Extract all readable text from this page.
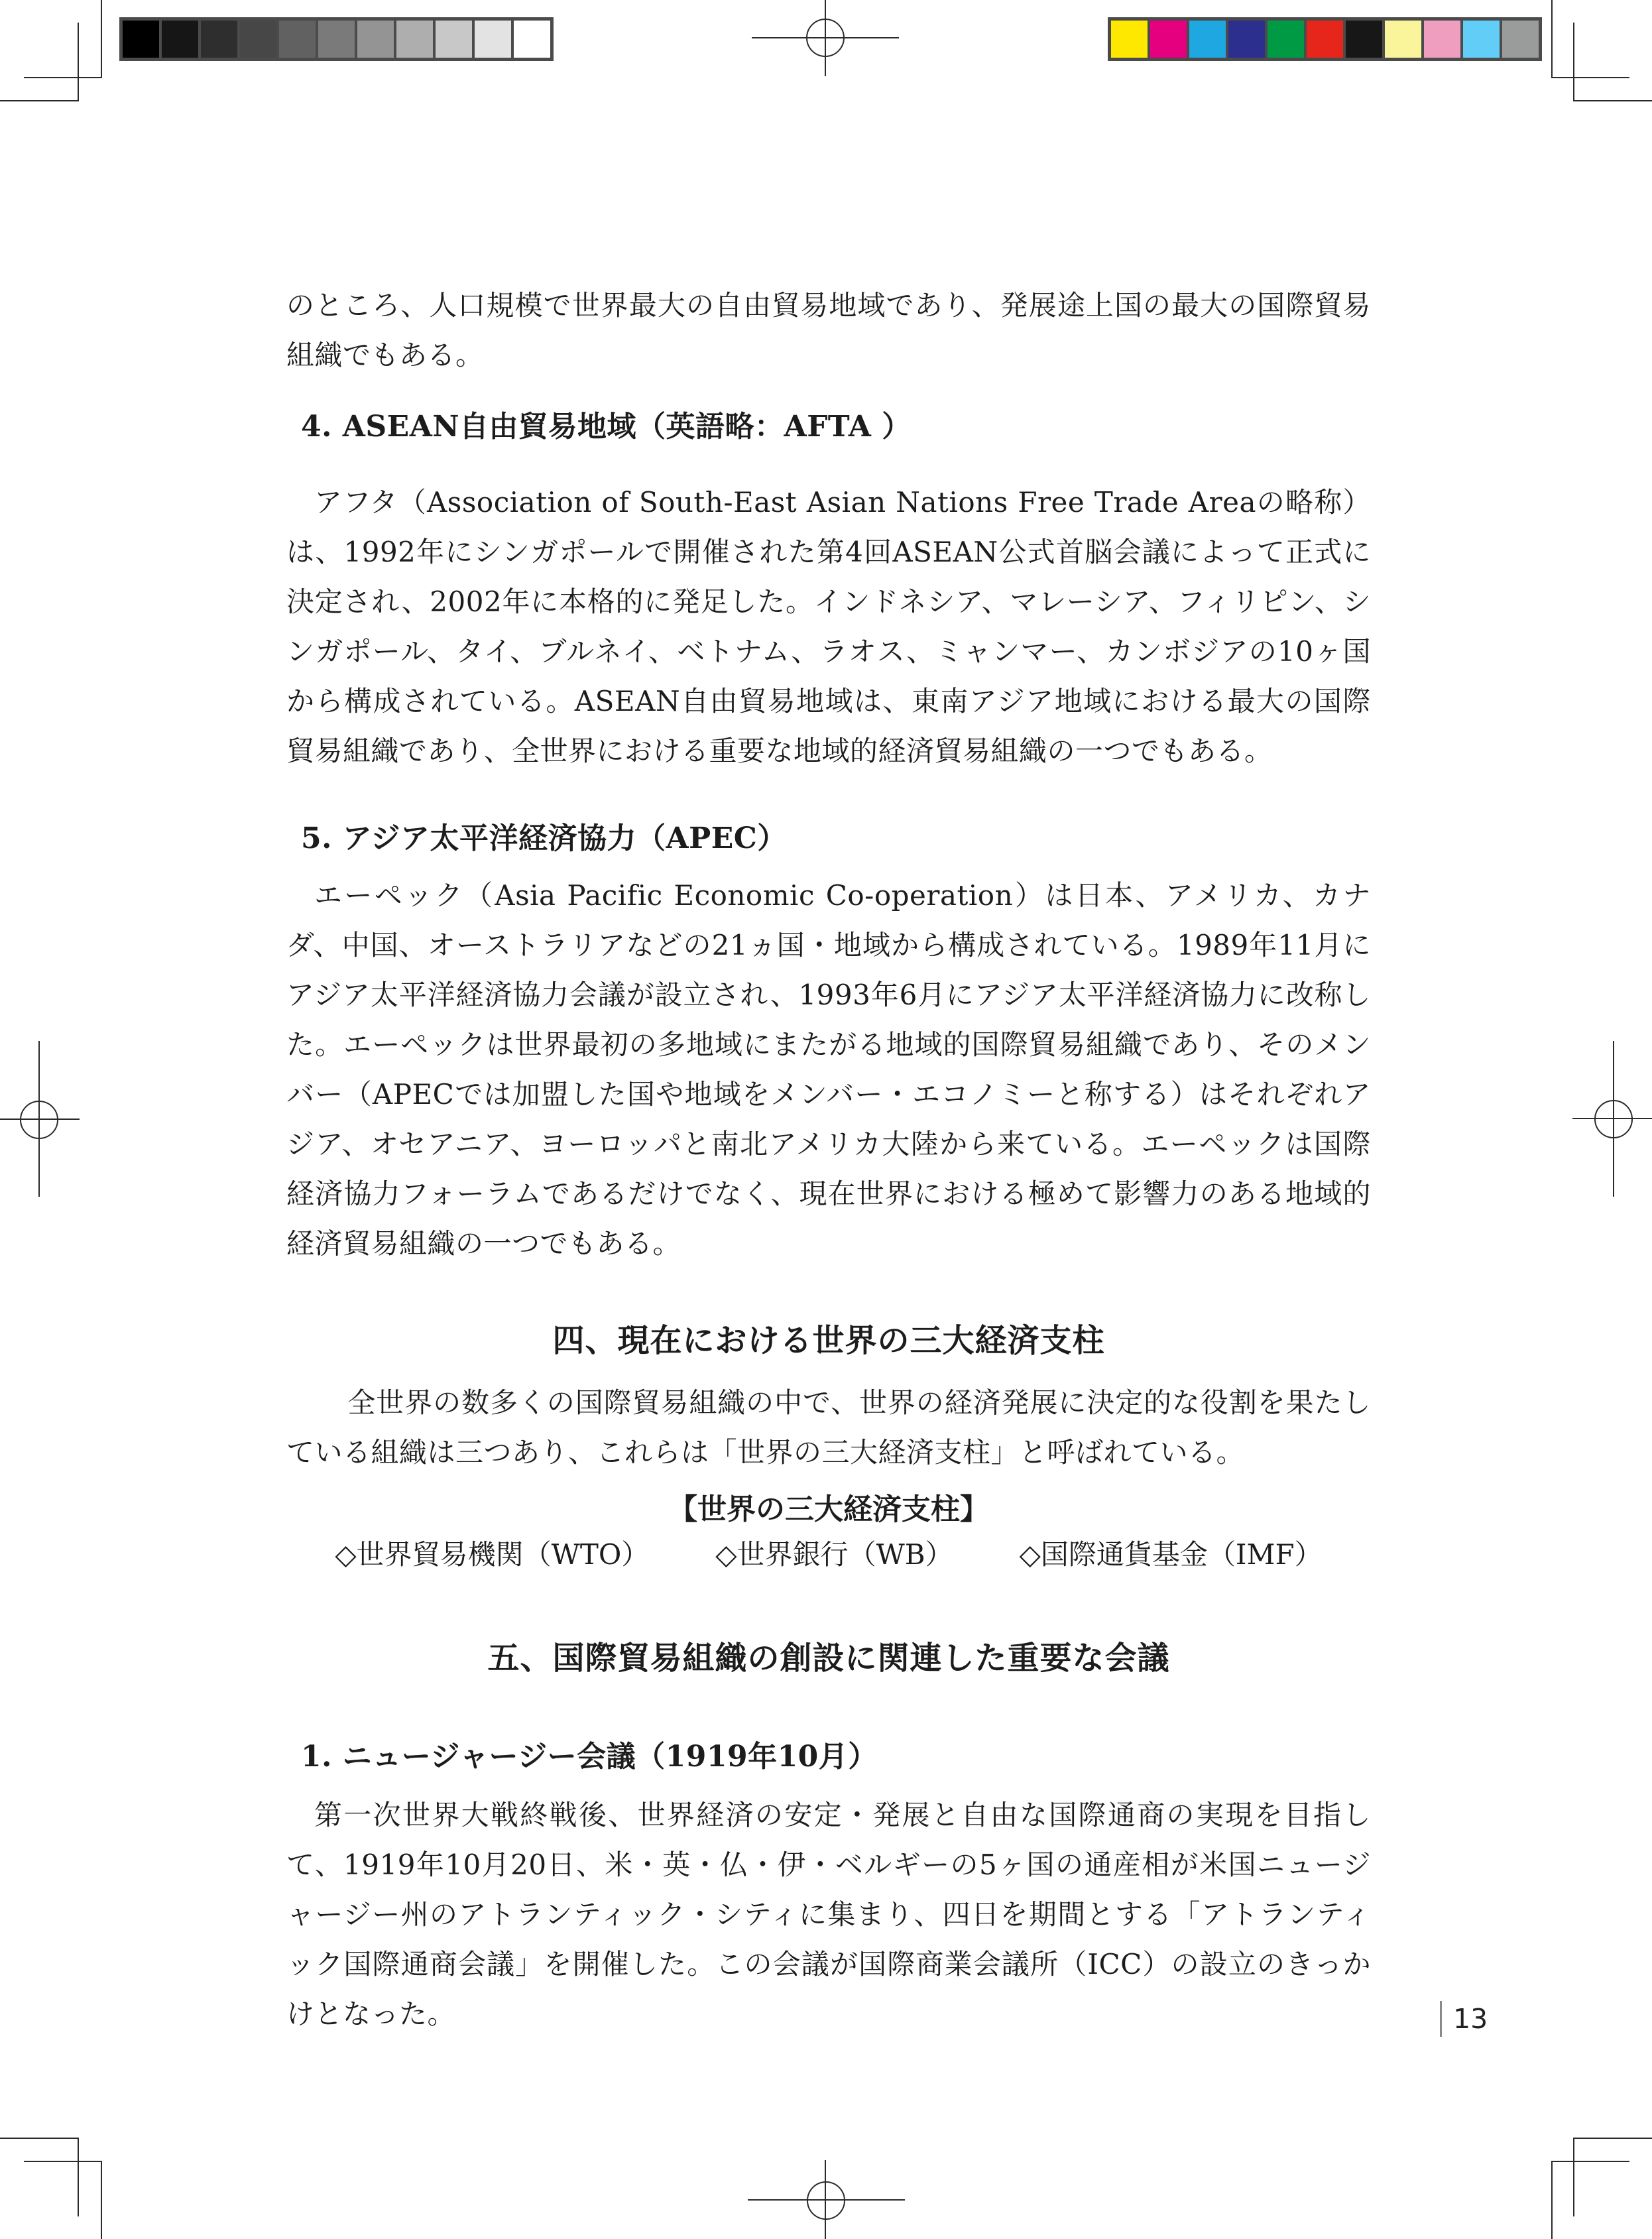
のところ、人口規模で世界最大の自由貿易地域であり、発展途上国の最大の国際貿易組織でもある。

4. ASEAN自由貿易地域（英語略：AFTA ）

アフタ（Association of South-East Asian Nations Free Trade Areaの略称）は、1992年にシンガポールで開催された第4回ASEAN公式首脳会議によって正式に決定され、2002年に本格的に発足した。インドネシア、マレーシア、フィリピン、シンガポール、タイ、ブルネイ、ベトナム、ラオス、ミャンマー、カンボジアの10ヶ国から構成されている。ASEAN自由貿易地域は、東南アジア地域における最大の国際貿易組織であり、全世界における重要な地域的経済貿易組織の一つでもある。

5. アジア太平洋経済協力（APEC）

エーペック（Asia Pacific Economic Co-operation）は日本、アメリカ、カナダ、中国、オーストラリアなどの21ヵ国・地域から構成されている。1989年11月にアジア太平洋経済協力会議が設立され、1993年6月にアジア太平洋経済協力に改称した。エーペックは世界最初の多地域にまたがる地域的国際貿易組織であり、そのメンバー（APECでは加盟した国や地域をメンバー・エコノミーと称する）はそれぞれアジア、オセアニア、ヨーロッパと南北アメリカ大陸から来ている。エーペックは国際経済協力フォーラムであるだけでなく、現在世界における極めて影響力のある地域的経済貿易組織の一つでもある。

四、現在における世界の三大経済支柱

全世界の数多くの国際貿易組織の中で、世界の経済発展に決定的な役割を果たしている組織は三つあり、これらは「世界の三大経済支柱」と呼ばれている。

【世界の三大経済支柱】
◇世界貿易機関（WTO） ◇世界銀行（WB） ◇国際通貨基金（IMF）
五、国際貿易組織の創設に関連した重要な会議
1. ニュージャージー会議（1919年10月）

第一次世界大戦終戦後、世界経済の安定・発展と自由な国際通商の実現を目指して、1919年10月20日、米・英・仏・伊・ベルギーの5ヶ国の通産相が米国ニュージャージー州のアトランティック・シティに集まり、四日を期間とする「アトランティック国際通商会議」を開催した。この会議が国際商業会議所（ICC）の設立のきっかけとなった。	13
